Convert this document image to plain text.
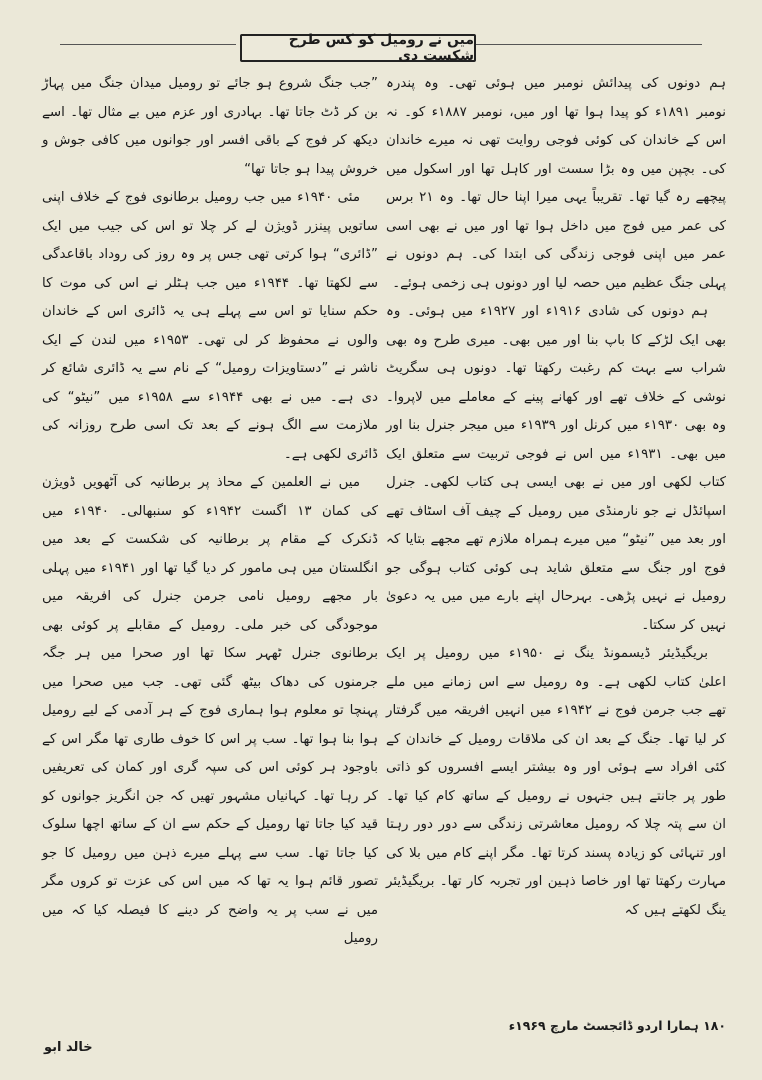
میں نے رومیل کو کس طرح شکست دی

ہم دونوں کی پیدائش نومبر میں ہوئی تھی۔ وہ پندرہ نومبر ۱۸۹۱ء کو پیدا ہوا تھا اور میں، نومبر ۱۸۸۷ء کو۔ نہ اس کے خاندان کی کوئی فوجی روایت تھی نہ میرے خاندان کی۔ بچپن میں وہ بڑا سست اور کاہل تھا اور اسکول میں پیچھے رہ گیا تھا۔ تقریباً یہی میرا اپنا حال تھا۔ وہ ۲۱ برس کی عمر میں فوج میں داخل ہوا تھا اور میں نے بھی اسی عمر میں اپنی فوجی زندگی کی ابتدا کی۔ ہم دونوں نے پہلی جنگ عظیم میں حصہ لیا اور دونوں ہی زخمی ہوئے۔

ہم دونوں کی شادی ۱۹۱۶ء اور ۱۹۲۷ء میں ہوئی۔ وہ بھی ایک لڑکے کا باپ بنا اور میں بھی۔ میری طرح وہ بھی شراب سے بہت کم رغبت رکھتا تھا۔ دونوں ہی سگریٹ نوشی کے خلاف تھے اور کھانے پینے کے معاملے میں لاپروا۔ وہ بھی ۱۹۳۰ء میں کرنل اور ۱۹۳۹ء میں میجر جنرل بنا اور میں بھی۔ ۱۹۳۱ء میں اس نے فوجی تربیت سے متعلق ایک کتاب لکھی اور میں نے بھی ایسی ہی کتاب لکھی۔ جنرل اسپائڈل نے جو نارمنڈی میں رومیل کے چیف آف اسٹاف تھے اور بعد میں ”نیٹو“ میں میرے ہمراہ ملازم تھے مجھے بتایا کہ فوج اور جنگ سے متعلق شاید ہی کوئی کتاب ہوگی جو رومیل نے نہیں پڑھی۔ بہرحال اپنے بارے میں میں یہ دعویٰ نہیں کر سکتا۔

بریگیڈیئر ڈیسمونڈ ینگ نے ۱۹۵۰ء میں رومیل پر ایک اعلیٰ کتاب لکھی ہے۔ وہ رومیل سے اس زمانے میں ملے تھے جب جرمن فوج نے ۱۹۴۲ء میں انہیں افریقہ میں گرفتار کر لیا تھا۔ جنگ کے بعد ان کی ملاقات رومیل کے خاندان کے کئی افراد سے ہوئی اور وہ بیشتر ایسے افسروں کو ذاتی طور پر جانتے ہیں جنہوں نے رومیل کے ساتھ کام کیا تھا۔ ان سے پتہ چلا کہ رومیل معاشرتی زندگی سے دور دور رہتا اور تنہائی کو زیادہ پسند کرتا تھا۔ مگر اپنے کام میں بلا کی مہارت رکھتا تھا اور خاصا ذہین اور تجربہ کار تھا۔ بریگیڈیئر ینگ لکھتے ہیں کہ

”جب جنگ شروع ہو جائے تو رومیل میدان جنگ میں پہاڑ بن کر ڈٹ جاتا تھا۔ بہادری اور عزم میں بے مثال تھا۔ اسے دیکھ کر فوج کے باقی افسر اور جوانوں میں کافی جوش و خروش پیدا ہو جاتا تھا“

مئی ۱۹۴۰ء میں جب رومیل برطانوی فوج کے خلاف اپنی ساتویں پینزر ڈویژن لے کر چلا تو اس کی جیب میں ایک ”ڈائری“ ہوا کرتی تھی جس پر وہ روز کی روداد باقاعدگی سے لکھتا تھا۔ ۱۹۴۴ء میں جب ہٹلر نے اس کی موت کا حکم سنایا تو اس سے پہلے ہی یہ ڈائری اس کے خاندان والوں نے محفوظ کر لی تھی۔ ۱۹۵۳ء میں لندن کے ایک ناشر نے ”دستاویزات رومیل“ کے نام سے یہ ڈائری شائع کر دی ہے۔ میں نے بھی ۱۹۴۴ء سے ۱۹۵۸ء میں ”نیٹو“ کی ملازمت سے الگ ہونے کے بعد تک اسی طرح روزانہ کی ڈائری لکھی ہے۔

میں نے العلمین کے محاذ پر برطانیہ کی آٹھویں ڈویژن کی کمان ۱۳ اگست ۱۹۴۲ء کو سنبھالی۔ ۱۹۴۰ء میں ڈنکرک کے مقام پر برطانیہ کی شکست کے بعد میں انگلستان میں ہی مامور کر دیا گیا تھا اور ۱۹۴۱ء میں پہلی بار مجھے رومیل نامی جرمن جنرل کی افریقہ میں موجودگی کی خبر ملی۔ رومیل کے مقابلے پر کوئی بھی برطانوی جنرل ٹھہر سکا تھا اور صحرا میں ہر جگہ جرمنوں کی دھاک بیٹھ گئی تھی۔ جب میں صحرا میں پہنچا تو معلوم ہوا ہماری فوج کے ہر آدمی کے لیے رومیل ہوا بنا ہوا تھا۔ سب پر اس کا خوف طاری تھا مگر اس کے باوجود ہر کوئی اس کی سپہ گری اور کمان کی تعریفیں کر رہا تھا۔ کہانیاں مشہور تھیں کہ جن انگریز جوانوں کو قید کیا جاتا تھا رومیل کے حکم سے ان کے ساتھ اچھا سلوک کیا جاتا تھا۔ سب سے پہلے میرے ذہن میں رومیل کا جو تصور قائم ہوا یہ تھا کہ میں اس کی عزت تو کروں مگر میں نے سب پر یہ واضح کر دینے کا فیصلہ کیا کہ میں رومیل

۱۸۰ ہمارا اردو ڈائجسٹ مارچ ۱۹۶۹ء
خالد ابو
